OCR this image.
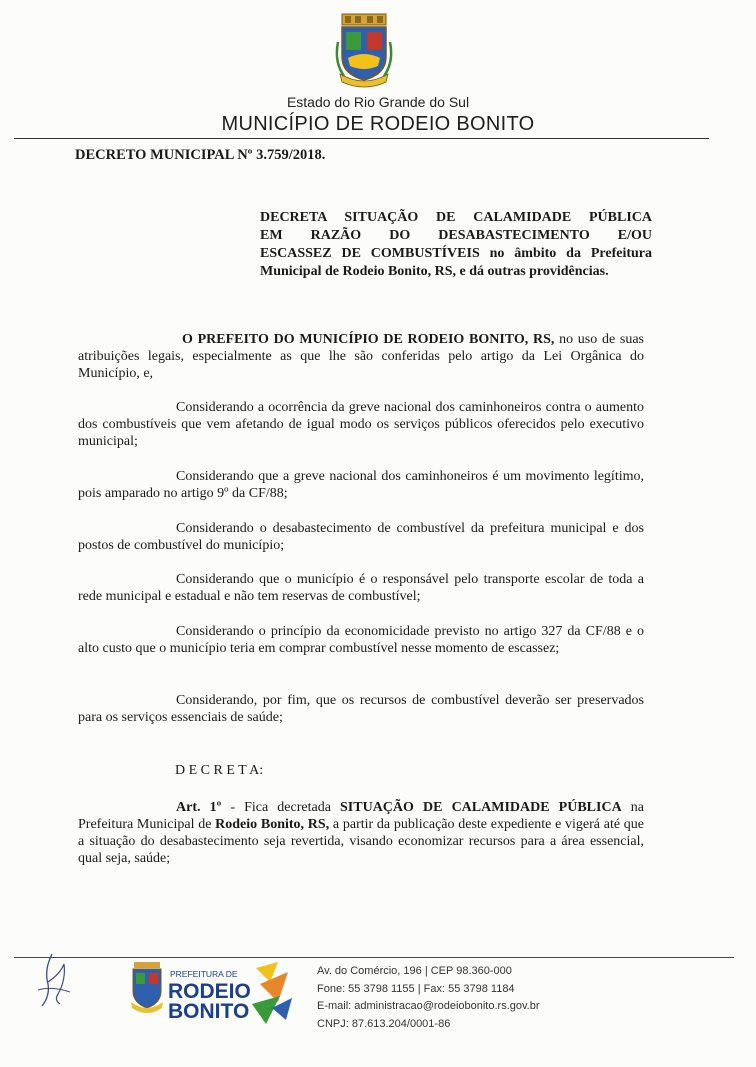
Estado do Rio Grande do Sul
MUNICÍPIO DE RODEIO BONITO
DECRETO MUNICIPAL Nº 3.759/2018.
DECRETA SITUAÇÃO DE CALAMIDADE PÚBLICA
EM RAZÃO DO DESABASTECIMENTO E/OU
ESCASSEZ DE COMBUSTÍVEIS no âmbito da Prefeitura
Municipal de Rodeio Bonito, RS, e dá outras providências.
O PREFEITO DO MUNICÍPIO DE RODEIO BONITO, RS, no uso de suas atribuições legais, especialmente as que lhe são conferidas pelo artigo da Lei Orgânica do Município, e,
Considerando a ocorrência da greve nacional dos caminhoneiros contra o aumento dos combustíveis que vem afetando de igual modo os serviços públicos oferecidos pelo executivo municipal;
Considerando que a greve nacional dos caminhoneiros é um movimento legítimo, pois amparado no artigo 9º da CF/88;
Considerando o desabastecimento de combustível da prefeitura municipal e dos postos de combustível do município;
Considerando que o município é o responsável pelo transporte escolar de toda a rede municipal e estadual e não tem reservas de combustível;
Considerando o princípio da economicidade previsto no artigo 327 da CF/88 e o alto custo que o município teria em comprar combustível nesse momento de escassez;
Considerando, por fim, que os recursos de combustível deverão ser preservados para os serviços essenciais de saúde;
D E C R E T A:
Art. 1º - Fica decretada SITUAÇÃO DE CALAMIDADE PÚBLICA na Prefeitura Municipal de Rodeio Bonito, RS, a partir da publicação deste expediente e vigerá até que a situação do desabastecimento seja revertida, visando economizar recursos para a área essencial, qual seja, saúde;
PREFEITURA DE
RODEIO
BONITO
Av. do Comércio, 196 | CEP 98.360-000
Fone: 55 3798 1155 | Fax: 55 3798 1184
E-mail: administracao@rodeiobonito.rs.gov.br
CNPJ: 87.613.204/0001-86
